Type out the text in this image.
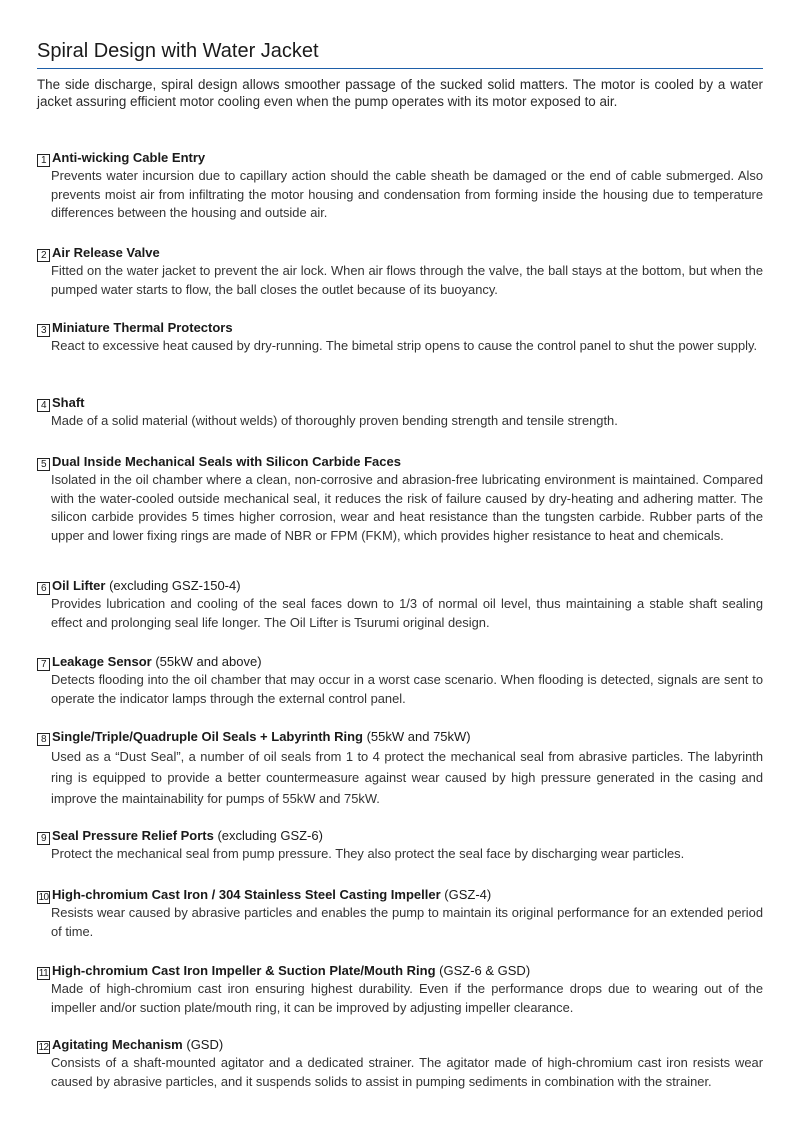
Spiral Design with Water Jacket
The side discharge, spiral design allows smoother passage of the sucked solid matters. The motor is cooled by a water jacket assuring efficient motor cooling even when the pump operates with its motor exposed to air.
1 Anti-wicking Cable Entry
Prevents water incursion due to capillary action should the cable sheath be damaged or the end of cable submerged. Also prevents moist air from infiltrating the motor housing and condensation from forming inside the housing due to temperature differences between the housing and outside air.
2 Air Release Valve
Fitted on the water jacket to prevent the air lock. When air flows through the valve, the ball stays at the bottom, but when the pumped water starts to flow, the ball closes the outlet because of its buoyancy.
3 Miniature Thermal Protectors
React to excessive heat caused by dry-running. The bimetal strip opens to cause the control panel to shut the power supply.
4 Shaft
Made of a solid material (without welds) of thoroughly proven bending strength and tensile strength.
5 Dual Inside Mechanical Seals with Silicon Carbide Faces
Isolated in the oil chamber where a clean, non-corrosive and abrasion-free lubricating environment is maintained. Compared with the water-cooled outside mechanical seal, it reduces the risk of failure caused by dry-heating and adhering matter. The silicon carbide provides 5 times higher corrosion, wear and heat resistance than the tungsten carbide. Rubber parts of the upper and lower fixing rings are made of NBR or FPM (FKM), which provides higher resistance to heat and chemicals.
6 Oil Lifter (excluding GSZ-150-4)
Provides lubrication and cooling of the seal faces down to 1/3 of normal oil level, thus maintaining a stable shaft sealing effect and prolonging seal life longer. The Oil Lifter is Tsurumi original design.
7 Leakage Sensor (55kW and above)
Detects flooding into the oil chamber that may occur in a worst case scenario. When flooding is detected, signals are sent to operate the indicator lamps through the external control panel.
8 Single/Triple/Quadruple Oil Seals + Labyrinth Ring (55kW and 75kW)
Used as a “Dust Seal”, a number of oil seals from 1 to 4 protect the mechanical seal from abrasive particles. The labyrinth ring is equipped to provide a better countermeasure against wear caused by high pressure generated in the casing and improve the maintainability for pumps of 55kW and 75kW.
9 Seal Pressure Relief Ports (excluding GSZ-6)
Protect the mechanical seal from pump pressure. They also protect the seal face by discharging wear particles.
10 High-chromium Cast Iron / 304 Stainless Steel Casting Impeller (GSZ-4)
Resists wear caused by abrasive particles and enables the pump to maintain its original performance for an extended period of time.
11 High-chromium Cast Iron Impeller & Suction Plate/Mouth Ring (GSZ-6 & GSD)
Made of high-chromium cast iron ensuring highest durability. Even if the performance drops due to wearing out of the impeller and/or suction plate/mouth ring, it can be improved by adjusting impeller clearance.
12 Agitating Mechanism (GSD)
Consists of a shaft-mounted agitator and a dedicated strainer. The agitator made of high-chromium cast iron resists wear caused by abrasive particles, and it suspends solids to assist in pumping sediments in combination with the strainer.
